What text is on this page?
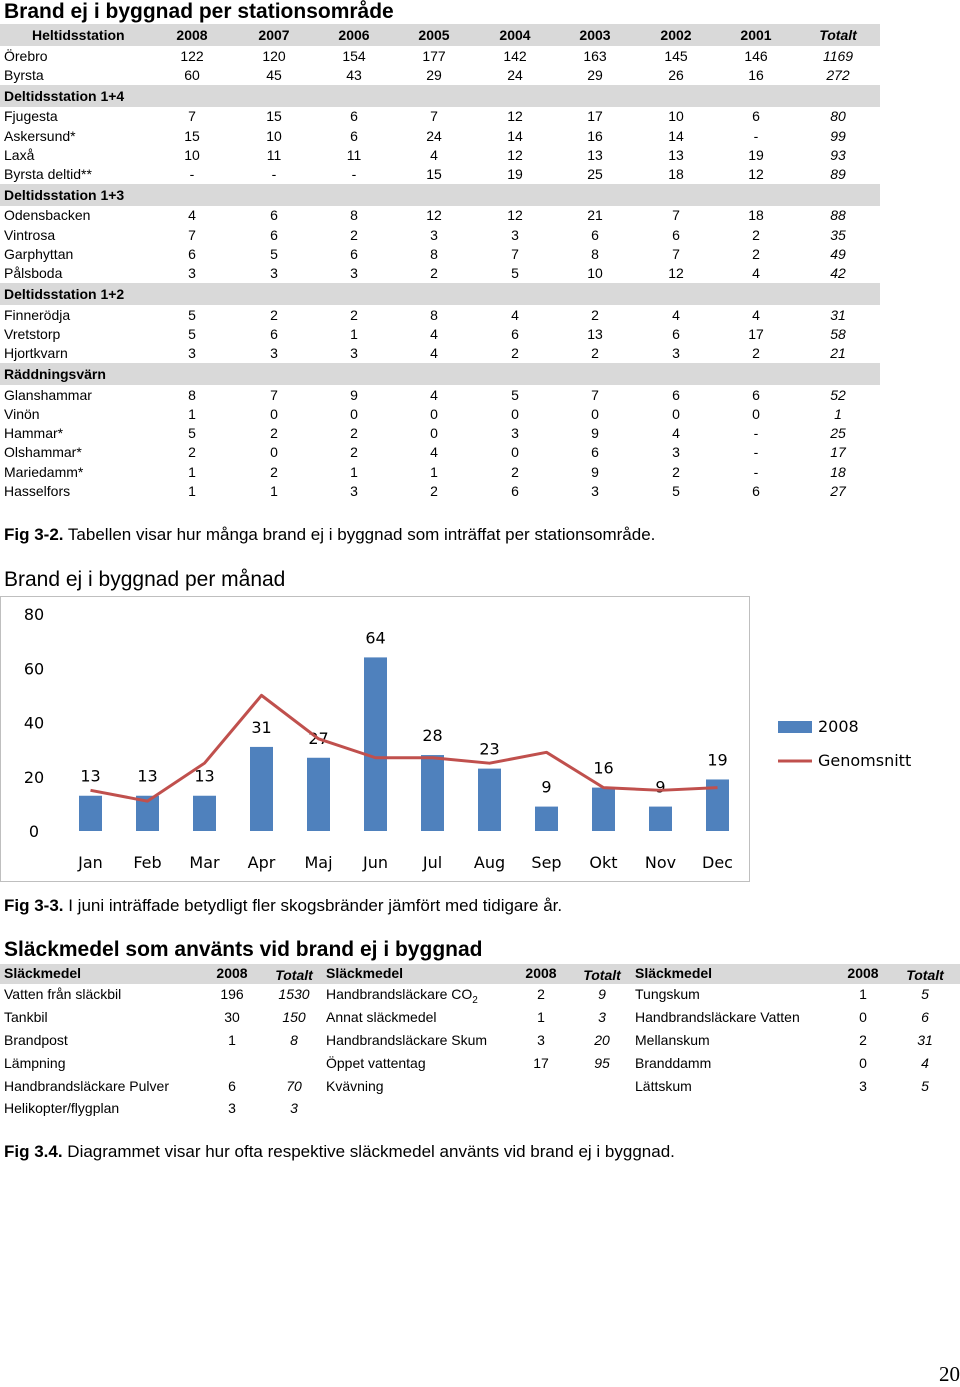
Brand ej i byggnad per stationsområde
Heltidsstation	2008	2007	2006	2005	2004	2003	2002	2001	Totalt
Örebro	122	120	154	177	142	163	145	146	1169
Byrsta	60	45	43	29	24	29	26	16	272
Deltidsstation 1+4
Fjugesta	7	15	6	7	12	17	10	6	80
Askersund*	15	10	6	24	14	16	14	-	99
Laxå	10	11	11	4	12	13	13	19	93
Byrsta deltid**	-	-	-	15	19	25	18	12	89
Deltidsstation 1+3
Odensbacken	4	6	8	12	12	21	7	18	88
Vintrosa	7	6	2	3	3	6	6	2	35
Garphyttan	6	5	6	8	7	8	7	2	49
Pålsboda	3	3	3	2	5	10	12	4	42
Deltidsstation 1+2
Finnerödja	5	2	2	8	4	2	4	4	31
Vretstorp	5	6	1	4	6	13	6	17	58
Hjortkvarn	3	3	3	4	2	2	3	2	21
Räddningsvärn
Glanshammar	8	7	9	4	5	7	6	6	52
Vinön	1	0	0	0	0	0	0	0	1
Hammar*	5	2	2	0	3	9	4	-	25
Olshammar*	2	0	2	4	0	6	3	-	17
Mariedamm*	1	2	1	1	2	9	2	-	18
Hasselfors	1	1	3	2	6	3	5	6	27
Fig 3-2. Tabellen visar hur många brand ej i byggnad som inträffat per stationsområde.
Brand ej i byggnad per månad
0
20
40
60
80
Jan Feb Mar Apr Maj Jun Jul Aug Sep Okt Nov Dec
13 13 13
31
27
64
28
23
9
16
9
19
2008
Genomsnitt
Fig 3-3. I juni inträffade betydligt fler skogsbränder jämfört med tidigare år.
Släckmedel som använts vid brand ej i byggnad
Släckmedel	2008 Totalt Släckmedel	2008 Totalt Släckmedel	2008 Totalt
Vatten från släckbil	196 1530
Tankbil	30	150
Brandpost	1	8
Lämpning
Handbrandsläckare Pulver	6	70
Helikopter/flygplan	3	3
Handbrandsläckare $CO_2$	2	9
Annat släckmedel	1	3
Handbrandsläckare Skum	3	20
Öppet vattentag	17	95
Kvävning
Tungskum	1	5
Handbrandsläckare Vatten	0	6
Mellanskum	2	31
Branddamm	0	4
Lättskum	3	5
Fig 3.4. Diagrammet visar hur ofta respektive släckmedel använts vid brand ej i byggnad.
20
